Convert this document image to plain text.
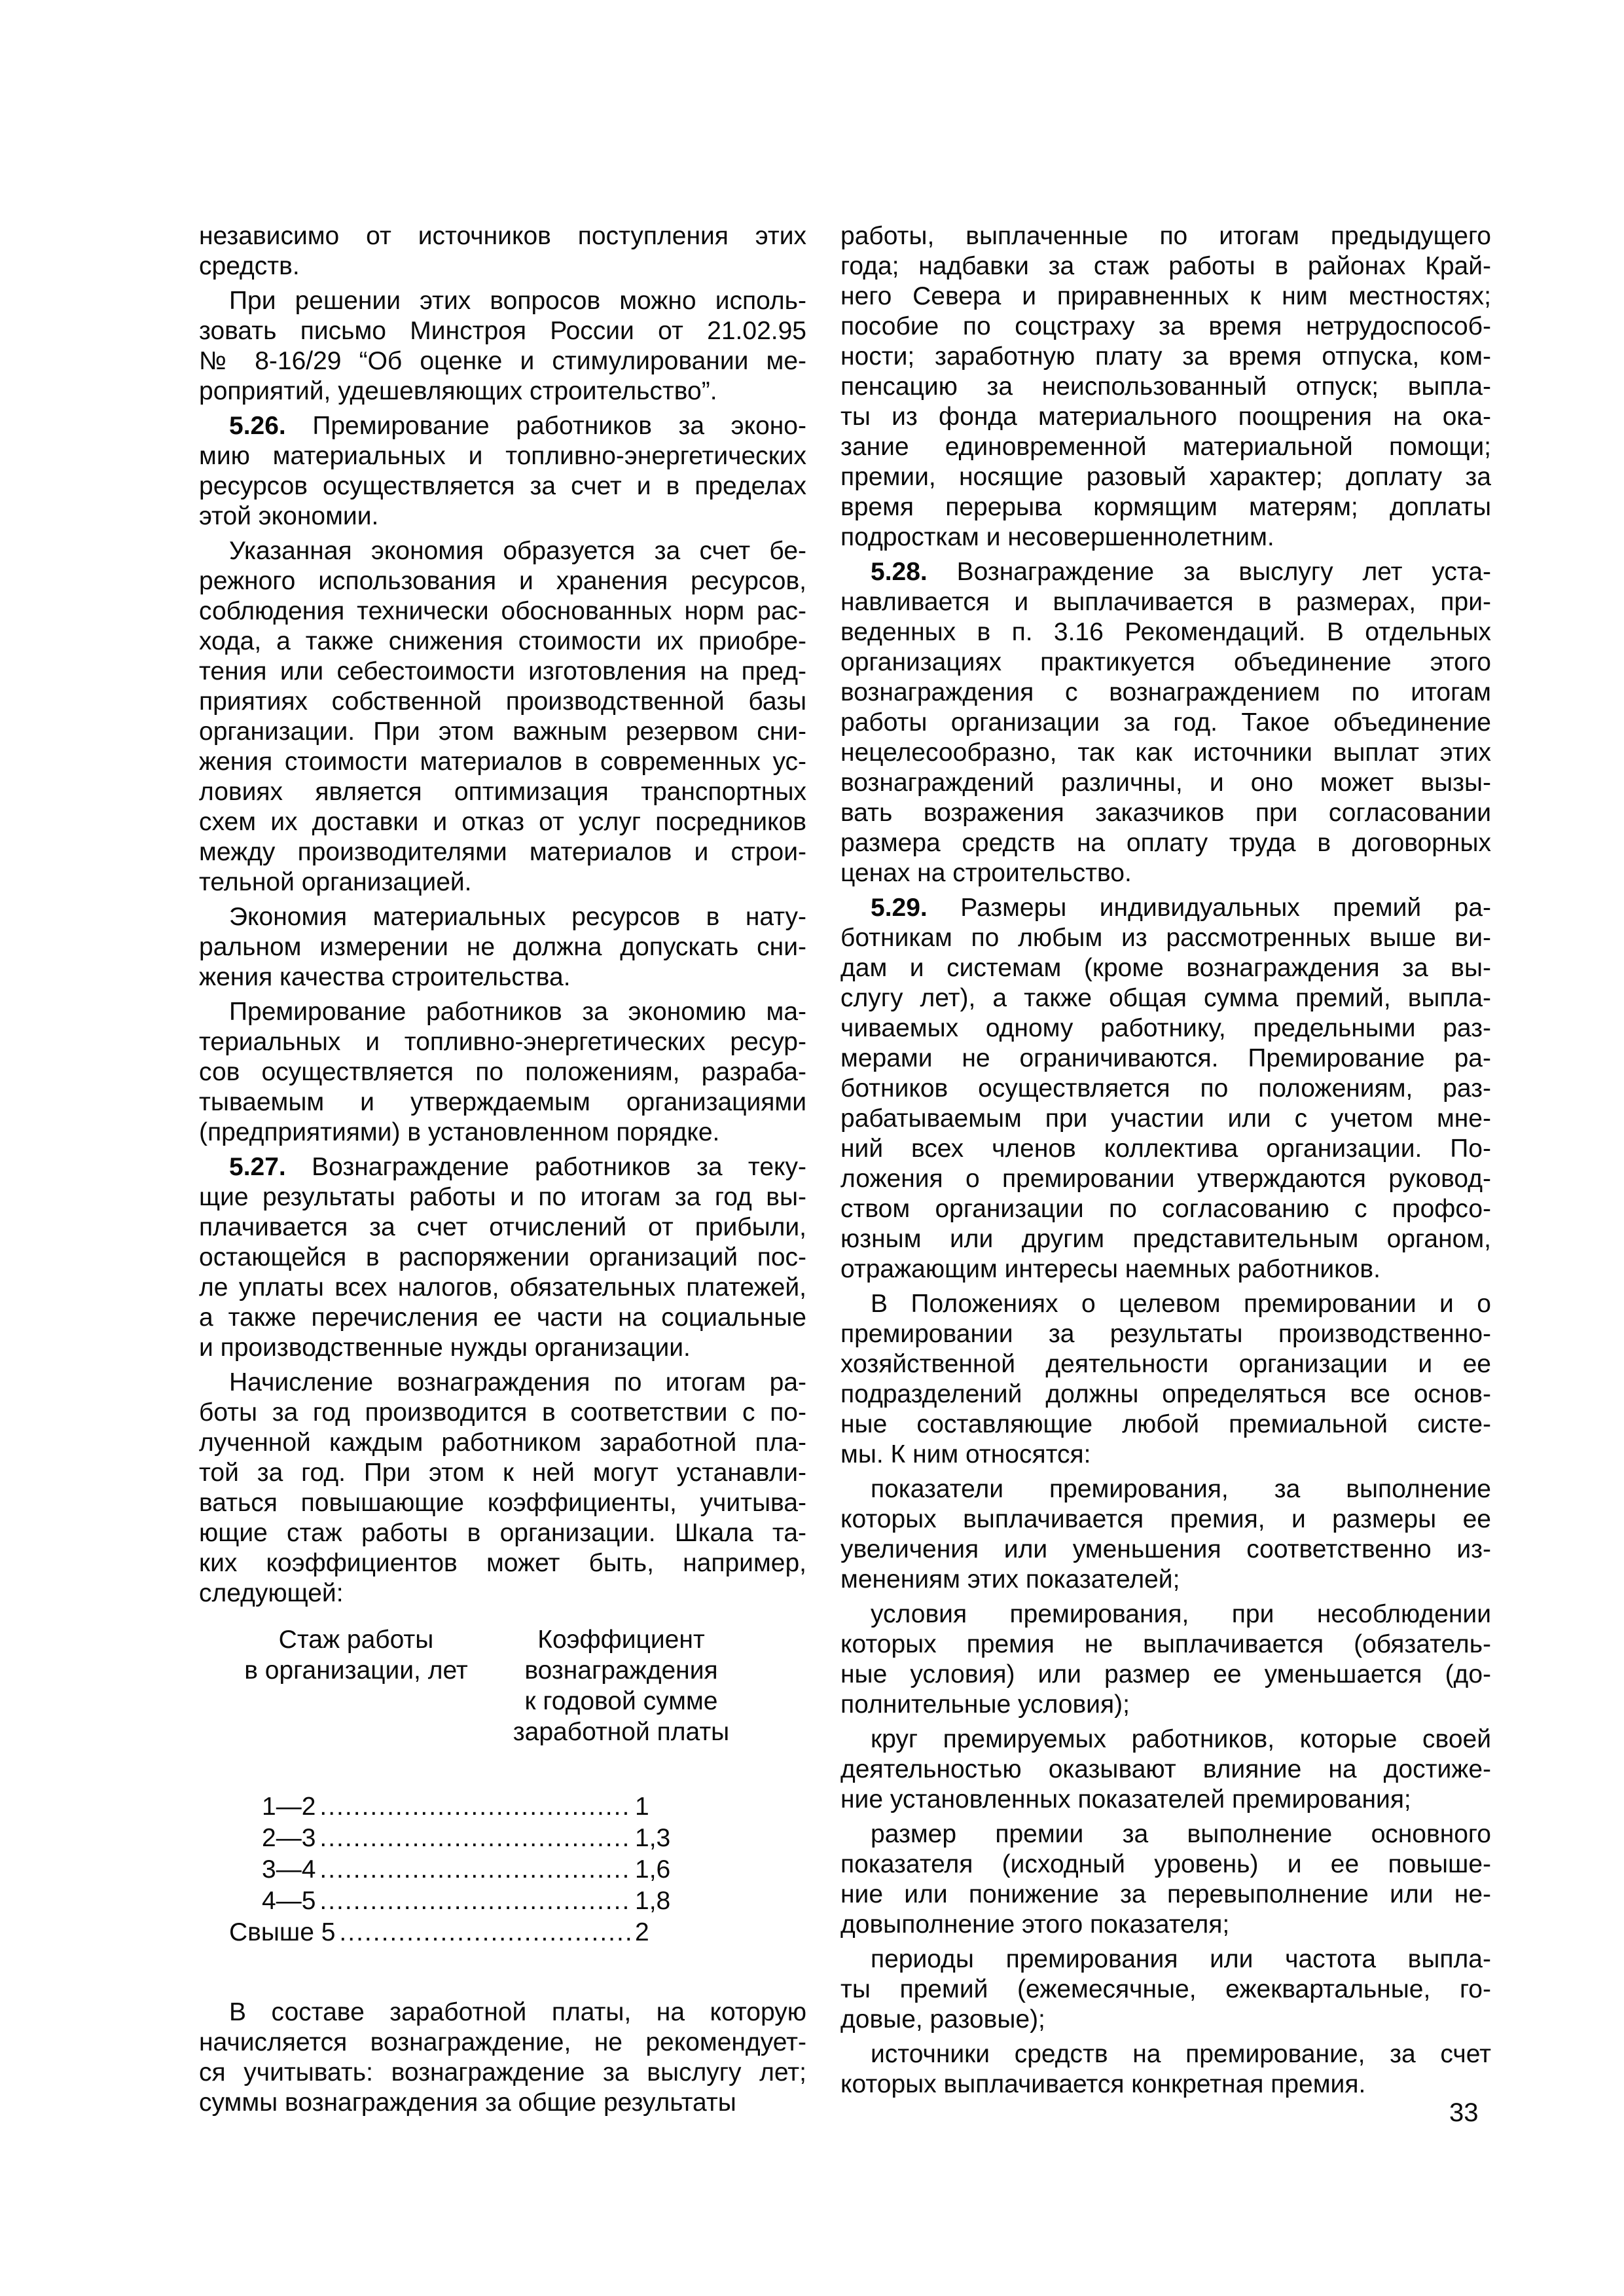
независимо от источников поступления этих
средств.
При решении этих вопросов можно исполь-
зовать письмо Минстроя России от 21.02.95
№ 8-16/29 “Об оценке и стимулировании ме-
роприятий, удешевляющих строительство”.
5.26. Премирование работников за эконо-
мию материальных и топливно-энергетических
ресурсов осуществляется за счет и в пределах
этой экономии.
Указанная экономия образуется за счет бе-
режного использования и хранения ресурсов,
соблюдения технически обоснованных норм рас-
хода, а также снижения стоимости их приобре-
тения или себестоимости изготовления на пред-
приятиях собственной производственной базы
организации. При этом важным резервом сни-
жения стоимости материалов в современных ус-
ловиях является оптимизация транспортных
схем их доставки и отказ от услуг посредников
между производителями материалов и строи-
тельной организацией.
Экономия материальных ресурсов в нату-
ральном измерении не должна допускать сни-
жения качества строительства.
Премирование работников за экономию ма-
териальных и топливно-энергетических ресур-
сов осуществляется по положениям, разраба-
тываемым и утверждаемым организациями
(предприятиями) в установленном порядке.
5.27. Вознаграждение работников за теку-
щие результаты работы и по итогам за год вы-
плачивается за счет отчислений от прибыли,
остающейся в распоряжении организаций пос-
ле уплаты всех налогов, обязательных платежей,
а также перечисления ее части на социальные
и производственные нужды организации.
Начисление вознаграждения по итогам ра-
боты за год производится в соответствии с по-
лученной каждым работником заработной пла-
той за год. При этом к ней могут устанавли-
ваться повышающие коэффициенты, учитыва-
ющие стаж работы в организации. Шкала та-
ких коэффициентов может быть, например,
следующей:
Стаж работы
в организации, лет
Коэффициент
вознаграждения
к годовой сумме
заработной платы
1—2 .....	1
2—3 .....	1,3
3—4 .....	1,6
4—5 .....	1,8
Свыше 5 .....	2
В составе заработной платы, на которую
начисляется вознаграждение, не рекомендует-
ся учитывать: вознаграждение за выслугу лет;
суммы вознаграждения за общие результаты
работы, выплаченные по итогам предыдущего
года; надбавки за стаж работы в районах Край-
него Севера и приравненных к ним местностях;
пособие по соцстраху за время нетрудоспособ-
ности; заработную плату за время отпуска, ком-
пенсацию за неиспользованный отпуск; выпла-
ты из фонда материального поощрения на ока-
зание единовременной материальной помощи;
премии, носящие разовый характер; доплату за
время перерыва кормящим матерям; доплаты
подросткам и несовершеннолетним.
5.28. Вознаграждение за выслугу лет уста-
навливается и выплачивается в размерах, при-
веденных в п. 3.16 Рекомендаций. В отдельных
организациях практикуется объединение этого
вознаграждения с вознаграждением по итогам
работы организации за год. Такое объединение
нецелесообразно, так как источники выплат этих
вознаграждений различны, и оно может вызы-
вать возражения заказчиков при согласовании
размера средств на оплату труда в договорных
ценах на строительство.
5.29. Размеры индивидуальных премий ра-
ботникам по любым из рассмотренных выше ви-
дам и системам (кроме вознаграждения за вы-
слугу лет), а также общая сумма премий, выпла-
чиваемых одному работнику, предельными раз-
мерами не ограничиваются. Премирование ра-
ботников осуществляется по положениям, раз-
рабатываемым при участии или с учетом мне-
ний всех членов коллектива организации. По-
ложения о премировании утверждаются руковод-
ством организации по согласованию с профсо-
юзным или другим представительным органом,
отражающим интересы наемных работников.
В Положениях о целевом премировании и о
премировании за результаты производственно-
хозяйственной деятельности организации и ее
подразделений должны определяться все основ-
ные составляющие любой премиальной систе-
мы. К ним относятся:
показатели премирования, за выполнение
которых выплачивается премия, и размеры ее
увеличения или уменьшения соответственно из-
менениям этих показателей;
условия премирования, при несоблюдении
которых премия не выплачивается (обязатель-
ные условия) или размер ее уменьшается (до-
полнительные условия);
круг премируемых работников, которые своей
деятельностью оказывают влияние на достиже-
ние установленных показателей премирования;
размер премии за выполнение основного
показателя (исходный уровень) и ее повыше-
ние или понижение за перевыполнение или не-
довыполнение этого показателя;
периоды премирования или частота выпла-
ты премий (ежемесячные, ежеквартальные, го-
довые, разовые);
источники средств на премирование, за счет
которых выплачивается конкретная премия.
33
